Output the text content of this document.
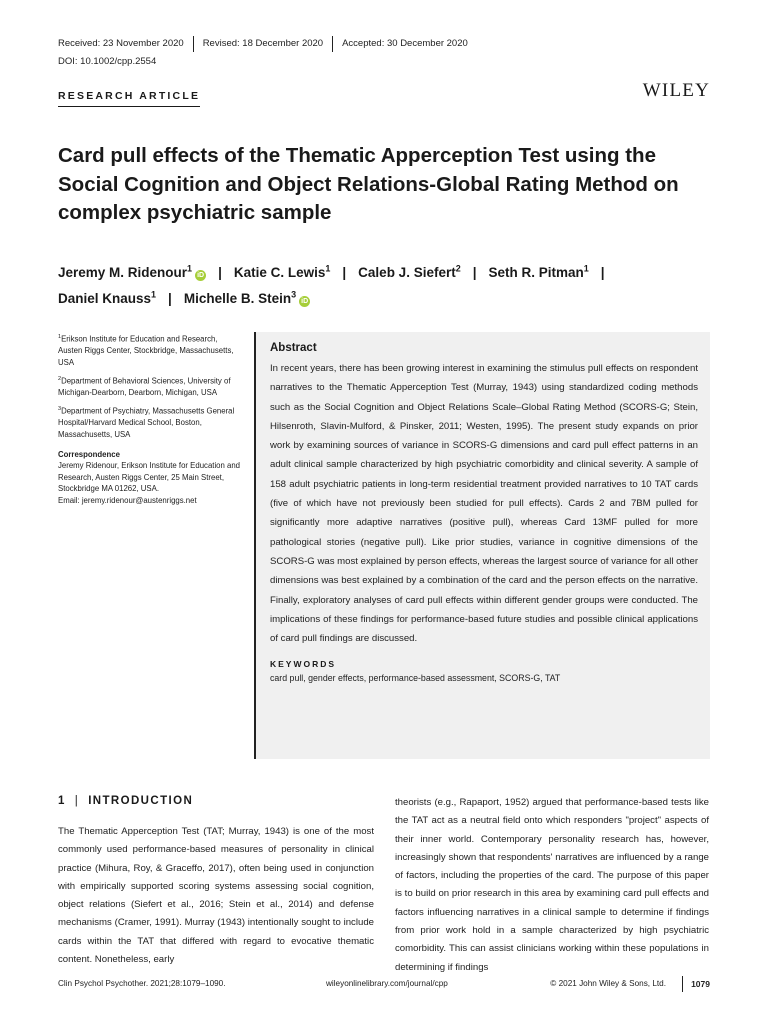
Received: 23 November 2020	Revised: 18 December 2020	Accepted: 30 December 2020
DOI: 10.1002/cpp.2554
RESEARCH ARTICLE	WILEY
Card pull effects of the Thematic Apperception Test using the Social Cognition and Object Relations-Global Rating Method on complex psychiatric sample
Jeremy M. Ridenour$^1$iD | Katie C. Lewis$^1$ | Caleb J. Siefert$^2$ | Seth R. Pitman$^1$ |
Daniel Knauss$^1$ | Michelle B. Stein$^3$iD

$^1$Erikson Institute for Education and Research, Austen Riggs Center, Stockbridge, Massachusetts, USA

$^2$Department of Behavioral Sciences, University of Michigan-Dearborn, Dearborn, Michigan, USA

$^3$Department of Psychiatry, Massachusetts General Hospital/Harvard Medical School, Boston, Massachusetts, USA

Correspondence
Jeremy Ridenour, Erikson Institute for Education and Research, Austen Riggs Center, 25 Main Street, Stockbridge MA 01262, USA.
Email: jeremy.ridenour@austenriggs.net
Abstract

In recent years, there has been growing interest in examining the stimulus pull effects on respondent narratives to the Thematic Apperception Test (Murray, 1943) using standardized coding methods such as the Social Cognition and Object Relations Scale–Global Rating Method (SCORS-G; Stein, Hilsenroth, Slavin-Mulford, & Pinsker, 2011; Westen, 1995). The present study expands on prior work by examining sources of variance in SCORS-G dimensions and card pull effect patterns in an adult clinical sample characterized by high psychiatric comorbidity and clinical severity. A sample of 158 adult psychiatric patients in long-term residential treatment provided narratives to 10 TAT cards (five of which have not previously been studied for pull effects). Cards 2 and 7BM pulled for significantly more adaptive narratives (positive pull), whereas Card 13MF pulled for more pathological stories (negative pull). Like prior studies, variance in cognitive dimensions of the SCORS-G was most explained by person effects, whereas the largest source of variance for all other dimensions was best explained by a combination of the card and the person effects on the narrative. Finally, exploratory analyses of card pull effects within different gender groups were conducted. The implications of these findings for performance-based future studies and possible clinical applications of card pull findings are discussed.

KEYWORDS
card pull, gender effects, performance-based assessment, SCORS-G, TAT
1 | INTRODUCTION

The Thematic Apperception Test (TAT; Murray, 1943) is one of the most commonly used performance-based measures of personality in clinical practice (Mihura, Roy, & Graceffo, 2017), often being used in conjunction with empirically supported scoring systems assessing social cognition, object relations (Siefert et al., 2016; Stein et al., 2014) and defense mechanisms (Cramer, 1991). Murray (1943) intentionally sought to include cards within the TAT that differed with regard to evocative thematic content. Nonetheless, early

theorists (e.g., Rapaport, 1952) argued that performance-based tests like the TAT act as a neutral field onto which responders "project" aspects of their inner world. Contemporary personality research has, however, increasingly shown that respondents' narratives are influenced by a range of factors, including the properties of the card. The purpose of this paper is to build on prior research in this area by examining card pull effects and factors influencing narratives in a clinical sample to determine if findings from prior work hold in a sample characterized by high psychiatric comorbidity. This can assist clinicians working within these populations in determining if findings

Clin Psychol Psychother. 2021;28:1079–1090.	wileyonlinelibrary.com/journal/cpp	© 2021 John Wiley & Sons, Ltd.	1079
